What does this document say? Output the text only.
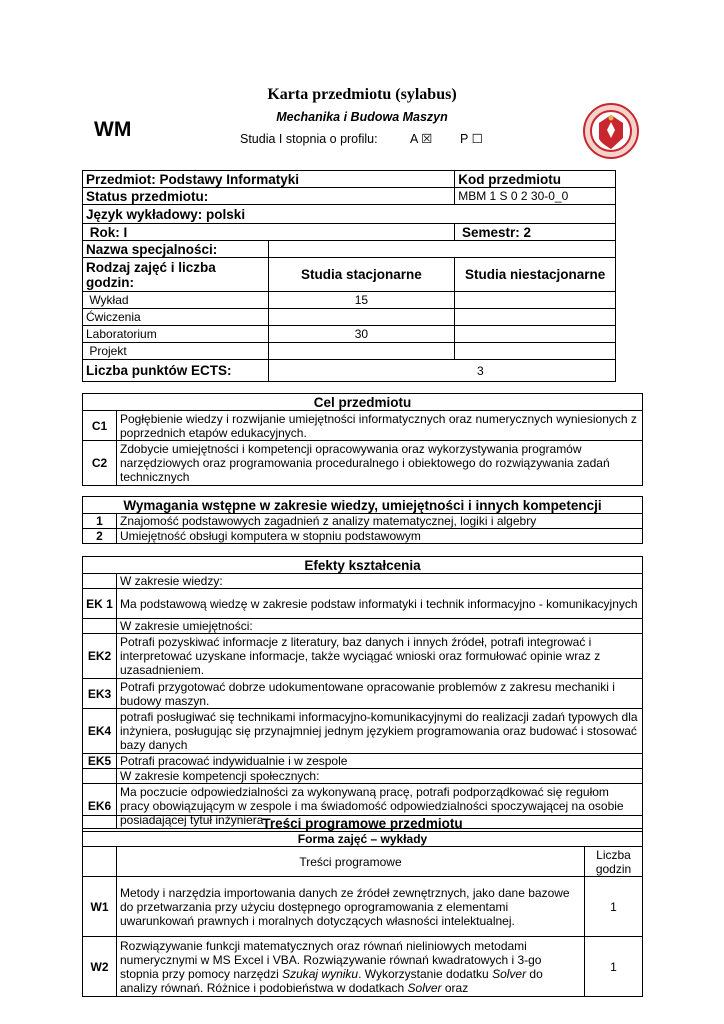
Karta przedmiotu (sylabus)
Mechanika i Budowa Maszyn
WM	Studia I stopnia o profilu:	A ☒ P ☐
Przedmiot: Podstawy Informatyki		Kod przedmiotu
Status przedmiotu:		MBM 1 S 0 2 30-0_0
Język wykładowy: polski		
Rok: I		Semestr: 2
Nazwa specjalności:		
Rodzaj zajęć i liczba godzin:	Studia stacjonarne	Studia niestacjonarne
Wykład	15	
Ćwiczenia		
Laboratorium	30	
Projekt		
Liczba punktów ECTS:	3	
Cel przedmiotu	
C1	Pogłębienie wiedzy i rozwijanie umiejętności informatycznych oraz numerycznych wyniesionych z poprzednich etapów edukacyjnych.
C2	Zdobycie umiejętności i kompetencji opracowywania oraz wykorzystywania programów narzędziowych oraz programowania proceduralnego i obiektowego do rozwiązywania zadań technicznych
Wymagania wstępne w zakresie wiedzy, umiejętności i innych kompetencji	
1	Znajomość podstawowych zagadnień z analizy matematycznej, logiki i algebry
2	Umiejętność obsługi komputera w stopniu podstawowym
Efekty kształcenia	
	W zakresie wiedzy:
EK 1	Ma podstawową wiedzę w zakresie podstaw informatyki i technik informacyjno - komunikacyjnych
	W zakresie umiejętności:
EK2	Potrafi pozyskiwać informacje z literatury, baz danych i innych źródeł, potrafi integrować i interpretować uzyskane informacje, także wyciągać wnioski oraz formułować opinie wraz z uzasadnieniem.
EK3	Potrafi przygotować dobrze udokumentowane opracowanie problemów z zakresu mechaniki i budowy maszyn.
EK4	potrafi posługiwać się technikami informacyjno-komunikacyjnymi do realizacji zadań typowych dla inżyniera, posługując się przynajmniej jednym językiem programowania oraz budować i stosować bazy danych
EK5	Potrafi pracować indywidualnie i w zespole
	W zakresie kompetencji społecznych:
EK6	Ma poczucie odpowiedzialności za wykonywaną pracę, potrafi podporządkować się regułom pracy obowiązującym w zespole i ma świadomość odpowiedzialności spoczywającej na osobie posiadającej tytuł inżyniera
Treści programowe przedmiotu		
Forma zajęć – wykłady		
	Treści programowe	Liczba godzin
W1	Metody i narzędzia importowania danych ze źródeł zewnętrznych, jako dane bazowe do przetwarzania przy użyciu dostępnego oprogramowania z elementami uwarunkowań prawnych i moralnych dotyczących własności intelektualnej.	1
W2	Rozwiązywanie funkcji matematycznych oraz równań nieliniowych metodami numerycznymi w MS Excel i VBA. Rozwiązywanie równań kwadratowych i 3-go stopnia przy pomocy narzędzi Szukaj wyniku. Wykorzystanie dodatku Solver do analizy równań. Różnice i podobieństwa w dodatkach Solver oraz	1
